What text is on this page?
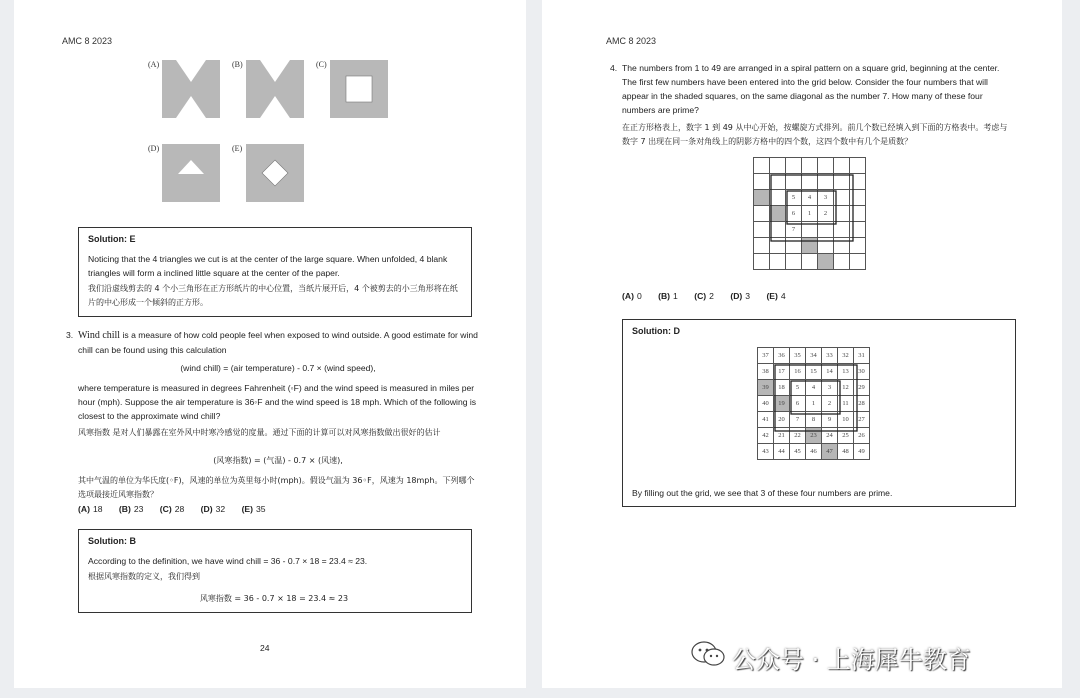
AMC 8 2023
(A)	(B)	(C)
(D)	(E)
Solution: E
Noticing that the 4 triangles we cut is at the center of the large square. When unfolded, 4 blank triangles will form a inclined little square at the center of the paper.
我们沿虚线剪去的 4 个小三角形在正方形纸片的中心位置，当纸片展开后，4 个被剪去的小三角形将在纸片的中心形成一个倾斜的正方形。
3. Wind chill is a measure of how cold people feel when exposed to wind outside. A good estimate for wind chill can be found using this calculation
(wind chill) = (air temperature) - 0.7 × (wind speed),
where temperature is measured in degrees Fahrenheit (◦F) and the wind speed is measured in miles per hour (mph). Suppose the air temperature is 36◦F and the wind speed is 18 mph. Which of the following is closest to the approximate wind chill?
风寒指数 是对人们暴露在室外风中时寒冷感觉的度量。通过下面的计算可以对风寒指数做出很好的估计
(风寒指数) = (气温) - 0.7 × (风速),
其中气温的单位为华氏度(◦F)，风速的单位为英里每小时(mph)。假设气温为 36◦F，风速为 18mph。下列哪个选项最接近风寒指数？
(A) 18 (B) 23 (C) 28 (D) 32 (E) 35
Solution: B
According to the definition, we have wind chill = 36 - 0.7 × 18 = 23.4 ≈ 23.
根据风寒指数的定义，我们得到
风寒指数 = 36 - 0.7 × 18 = 23.4 ≈ 23
24
AMC 8 2023
4. The numbers from 1 to 49 are arranged in a spiral pattern on a square grid, beginning at the center. The first few numbers have been entered into the grid below. Consider the four numbers that will appear in the shaded squares, on the same diagonal as the number 7. How many of these four numbers are prime?
在正方形格表上，数字 1 到 49 从中心开始，按螺旋方式排列。前几个数已经填入到下面的方格表中。考虑与数字 7 出现在同一条对角线上的阴影方格中的四个数，这四个数中有几个是质数？

		5	4	3		
		6	1	2		
		7				

(A) 0 (B) 1 (C) 2 (D) 3 (E) 4
Solution: D
37	36	35	34	33	32	31
38	17	16	15	14	13	30
39	18	5	4	3	12	29
40	19	6	1	2	11	28
41	20	7	8	9	10	27
42	21	22	23	24	25	26
43	44	45	46	47	48	49
By filling out the grid, we see that 3 of these four numbers are prime.
公众号 · 上海犀牛教育
